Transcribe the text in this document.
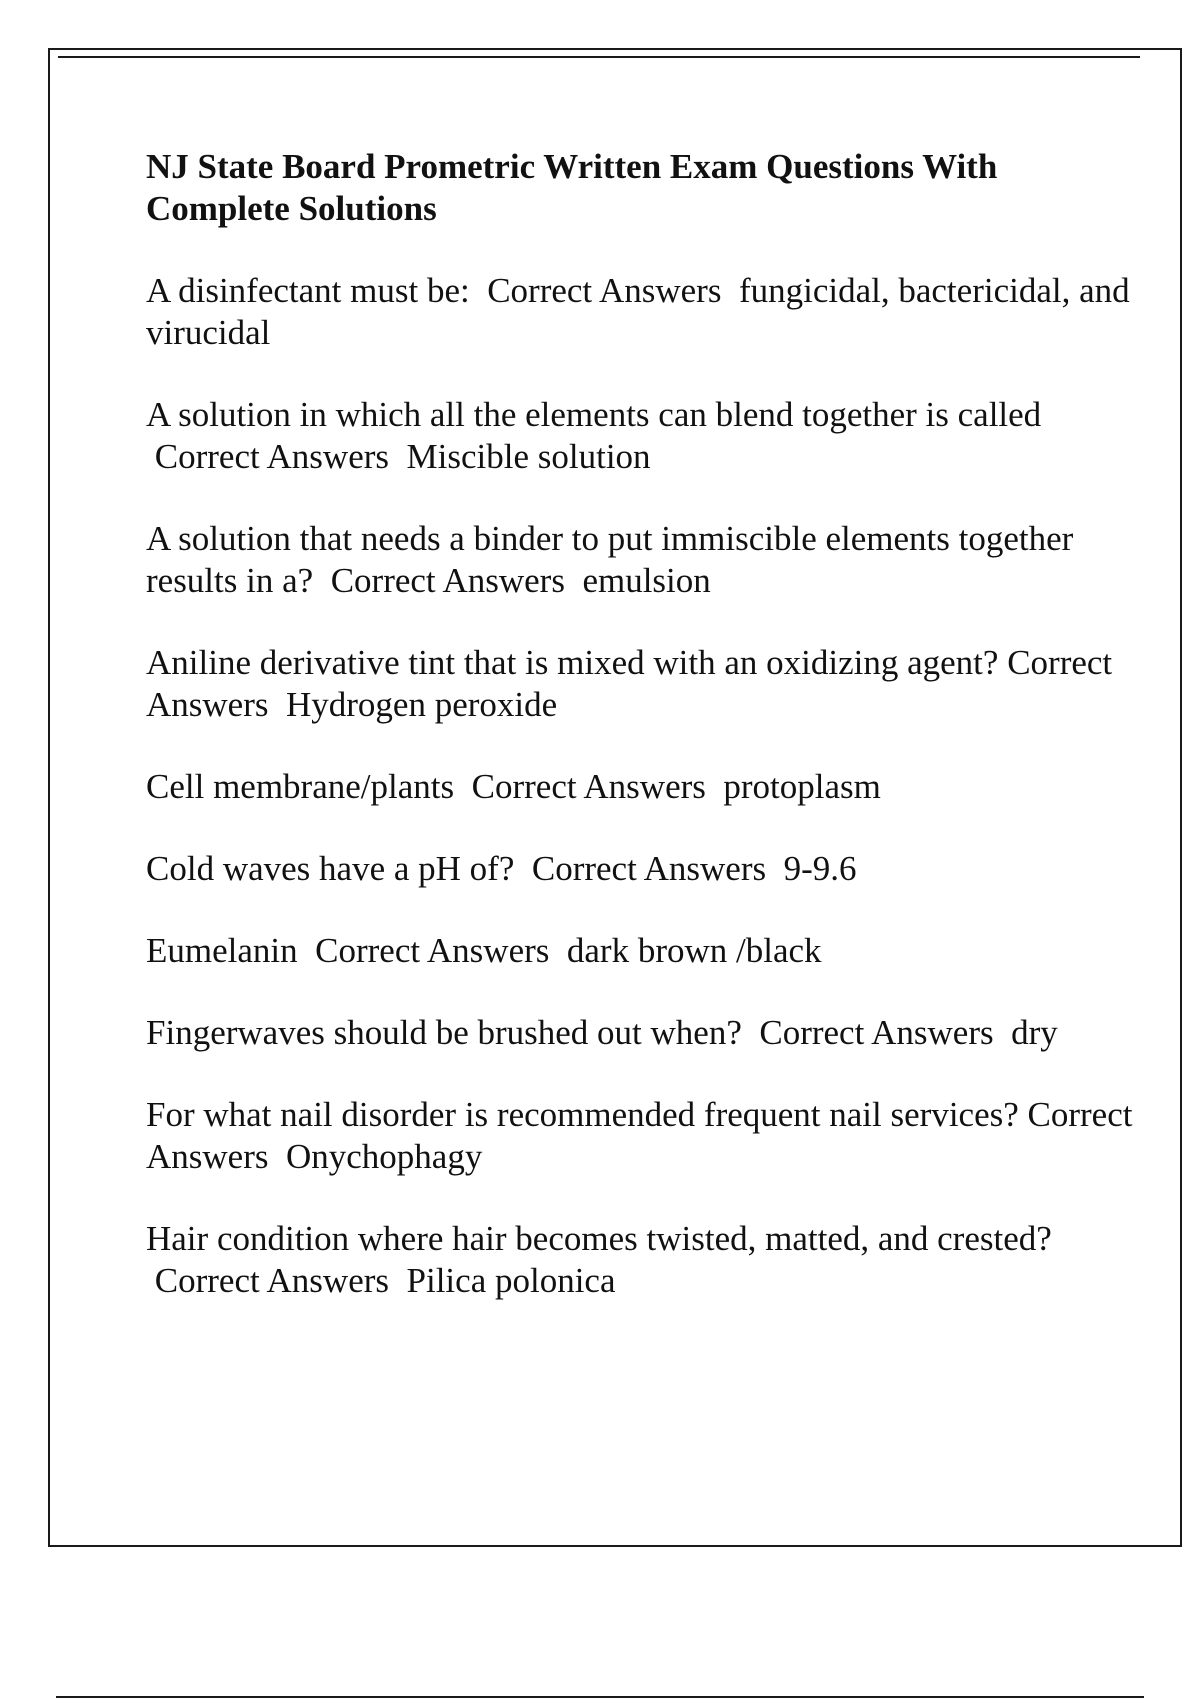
NJ State Board Prometric Written Exam Questions With Complete Solutions
A disinfectant must be: Correct Answers fungicidal, bactericidal, and virucidal
A solution in which all the elements can blend together is called Correct Answers Miscible solution
A solution that needs a binder to put immiscible elements together results in a? Correct Answers emulsion
Aniline derivative tint that is mixed with an oxidizing agent? Correct Answers Hydrogen peroxide
Cell membrane/plants Correct Answers protoplasm
Cold waves have a pH of? Correct Answers 9-9.6
Eumelanin Correct Answers dark brown /black
Fingerwaves should be brushed out when? Correct Answers dry
For what nail disorder is recommended frequent nail services? Correct Answers Onychophagy
Hair condition where hair becomes twisted, matted, and crested? Correct Answers Pilica polonica
